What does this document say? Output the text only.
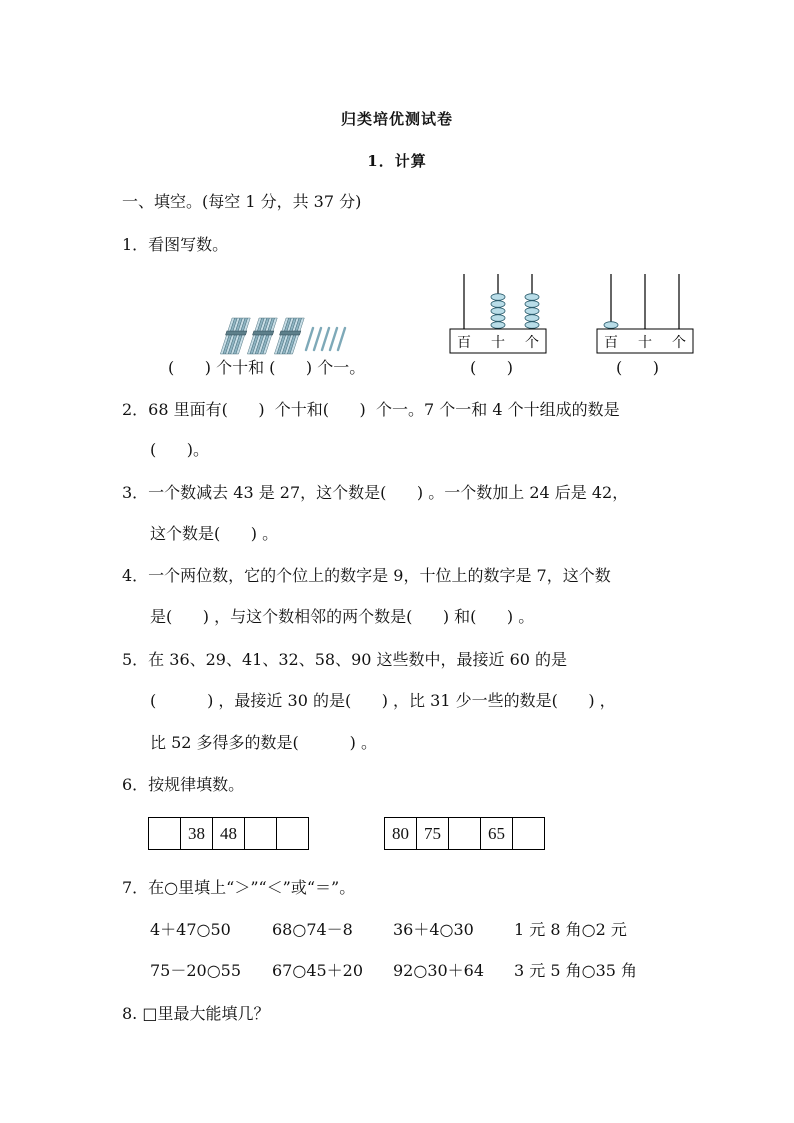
归类培优测试卷
1．计算
一、填空。(每空 1 分，共 37 分)
1．看图写数。
(      ) 个十和 (      ) 个一。
百 十 个
(      )
百 十 个
(      )
2．68 里面有(      )  个十和(      )  个一。7 个一和 4 个十组成的数是
(      )。
3．一个数减去 43 是 27，这个数是(      ) 。一个数加上 24 后是 42，
这个数是(      ) 。
4．一个两位数，它的个位上的数字是 9，十位上的数字是 7，这个数
是(      ) ，与这个数相邻的两个数是(      ) 和(      ) 。
5．在 36、29、41、32、58、90 这些数中，最接近 60 的是
(          ) ，最接近 30 的是(      ) ，比 31 少一些的数是(      ) ，
比 52 多得多的数是(          ) 。
6．按规律填数。
	38	48			80	75		65	
7．在○里填上“＞”“＜”或“＝”。
4＋47○50	68○74－8	36＋4○30	1 元 8 角○2 元
75－20○55 67○45＋20 92○30＋64 3 元 5 角○35 角
8. □里最大能填几？
